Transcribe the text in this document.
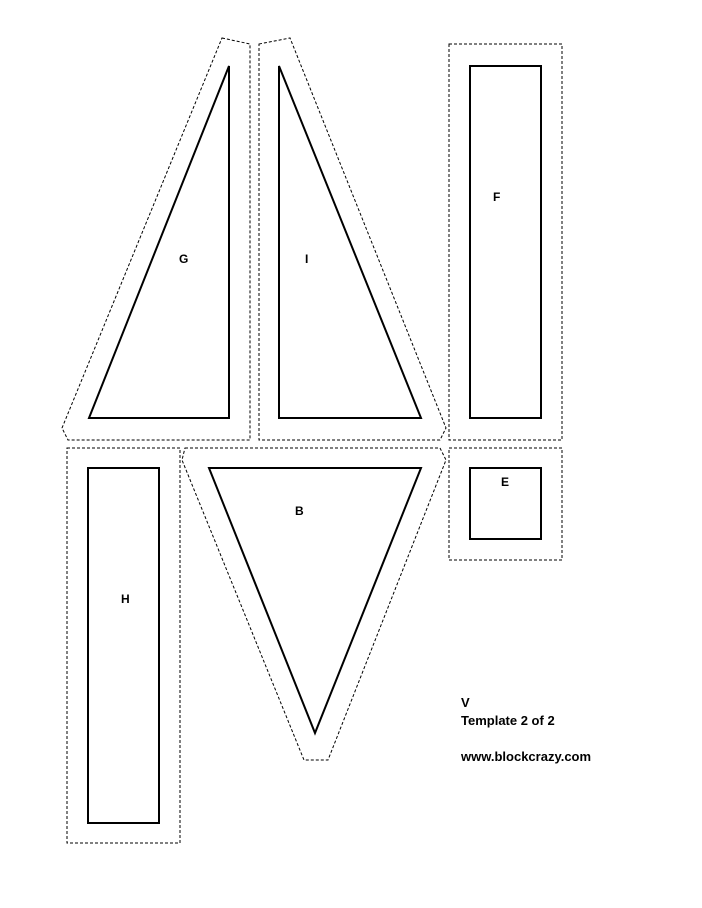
G	I
F
H
B
E
V
Template 2 of 2
www.blockcrazy.com
